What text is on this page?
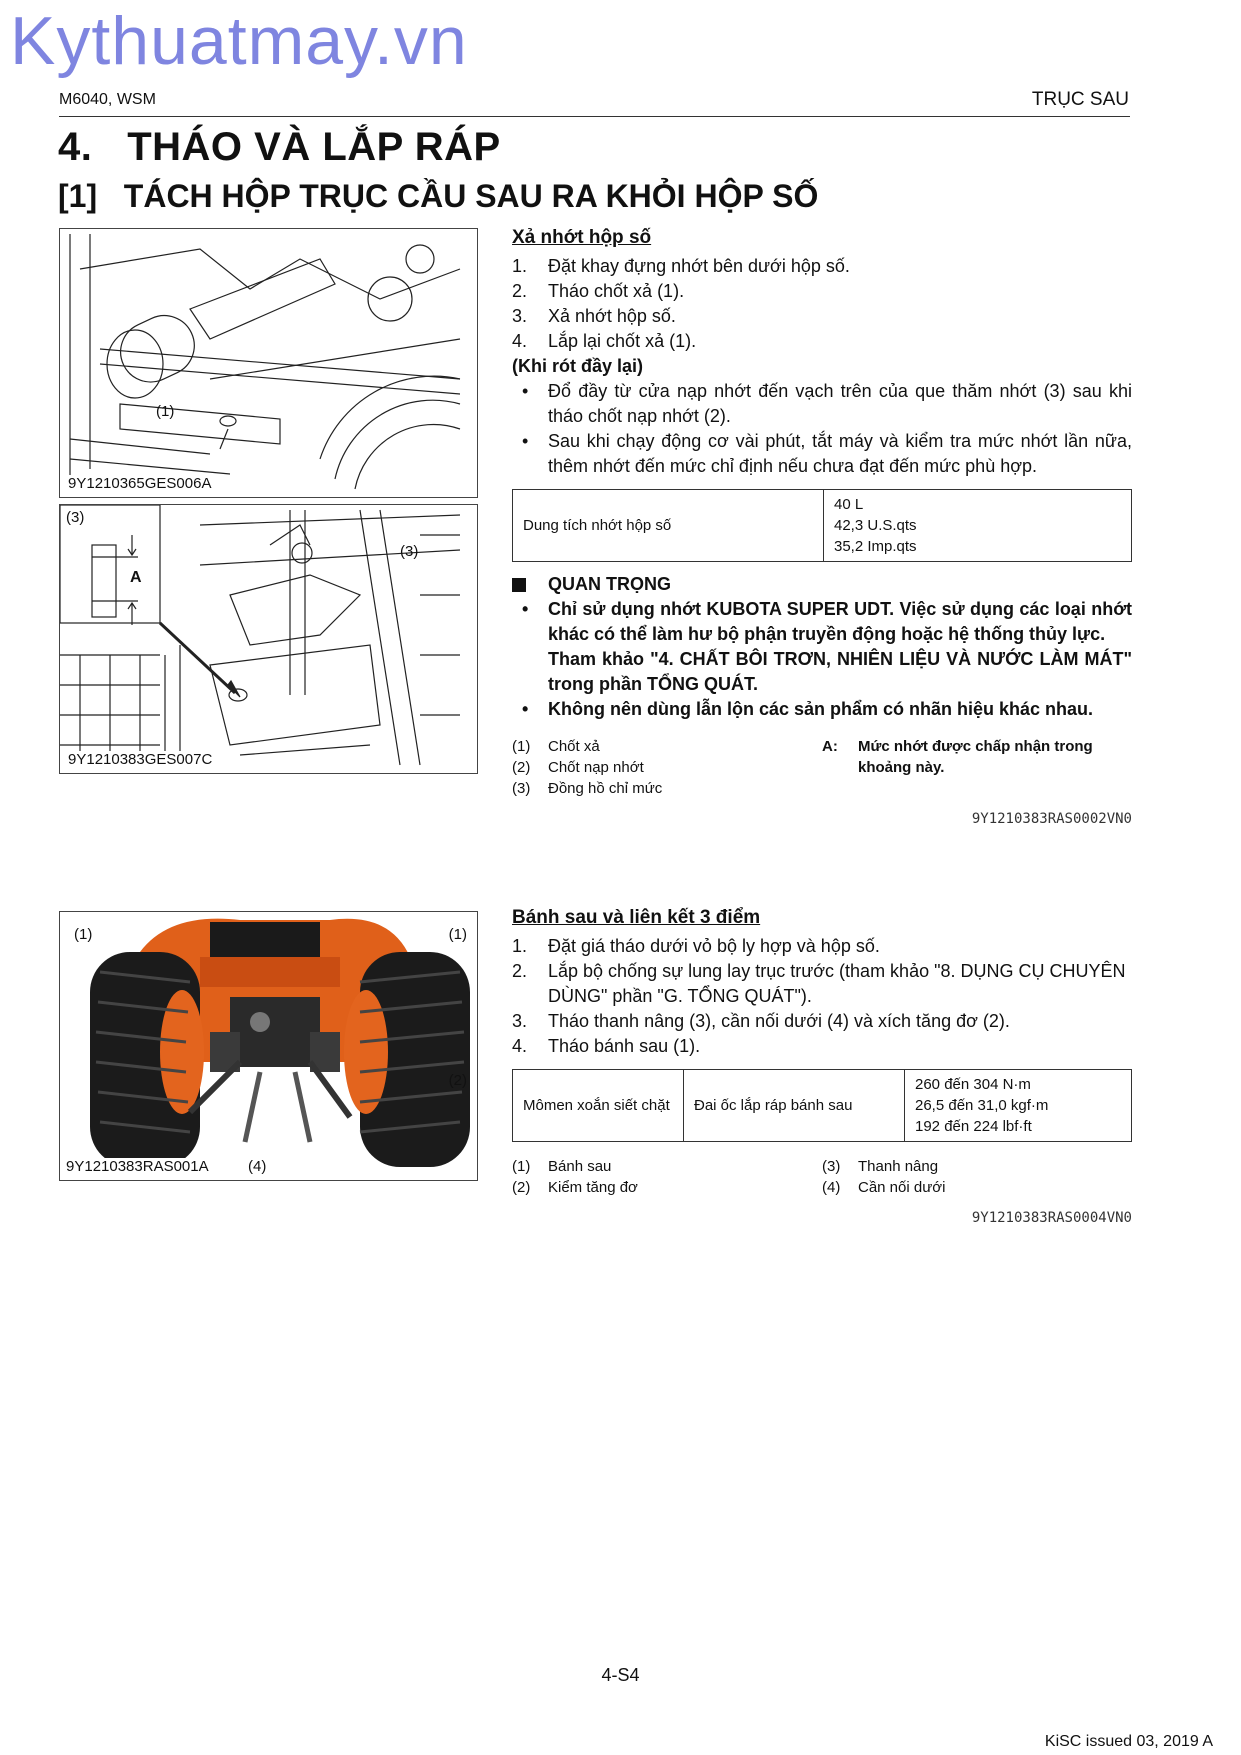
Kythuatmay.vn
M6040, WSM	TRỤC SAU
4.   THÁO VÀ LẮP RÁP
[1]   TÁCH HỘP TRỤC CẦU SAU RA KHỎI HỘP SỐ
(1)
9Y1210365GES006A
(3)
A
(3)
9Y1210383GES007C
(1)	(1)
(2)
(3)
(4)
9Y1210383RAS001A
Xả nhớt hộp số
1.	Đặt khay đựng nhớt bên dưới hộp số.
2.	Tháo chốt xả (1).
3.	Xả nhớt hộp số.
4.	Lắp lại chốt xả (1).
(Khi rót đầy lại)
•	Đổ đầy từ cửa nạp nhớt đến vạch trên của que thăm nhớt (3) sau khi tháo chốt nạp nhớt (2).
•	Sau khi chạy động cơ vài phút, tắt máy và kiểm tra mức nhớt lần nữa, thêm nhớt đến mức chỉ định nếu chưa đạt đến mức phù hợp.
Dung tích nhớt hộp số	
40 L
42,3 U.S.qts
35,2 Imp.qts
QUAN TRỌNG
•	Chỉ sử dụng nhớt KUBOTA SUPER UDT. Việc sử dụng các loại nhớt khác có thể làm hư bộ phận truyền động hoặc hệ thống thủy lực.
Tham khảo "4. CHẤT BÔI TRƠN, NHIÊN LIỆU VÀ NƯỚC LÀM MÁT" trong phần TỔNG QUÁT.
•	Không nên dùng lẫn lộn các sản phẩm có nhãn hiệu khác nhau.
(1)	Chốt xả
(2)	Chốt nạp nhớt
(3)	Đồng hồ chỉ mức
A:	Mức nhớt được chấp nhận trong khoảng này.
9Y1210383RAS0002VN0
Bánh sau và liên kết 3 điểm
1.	Đặt giá tháo dưới vỏ bộ ly hợp và hộp số.
2.	Lắp bộ chống sự lung lay trục trước (tham khảo "8. DỤNG CỤ CHUYÊN DÙNG" phần "G. TỔNG QUÁT").
3.	Tháo thanh nâng (3), cần nối dưới (4) và xích tăng đơ (2).
4.	Tháo bánh sau (1).
Mômen xoắn siết chặt	Đai ốc lắp ráp bánh sau	
260 đến 304 N·m
26,5 đến 31,0 kgf·m
192 đến 224 lbf·ft
(1)	Bánh sau
(2)	Kiểm tăng đơ
(3)	Thanh nâng
(4)	Cần nối dưới
9Y1210383RAS0004VN0
4-S4
KiSC issued 03, 2019 A
